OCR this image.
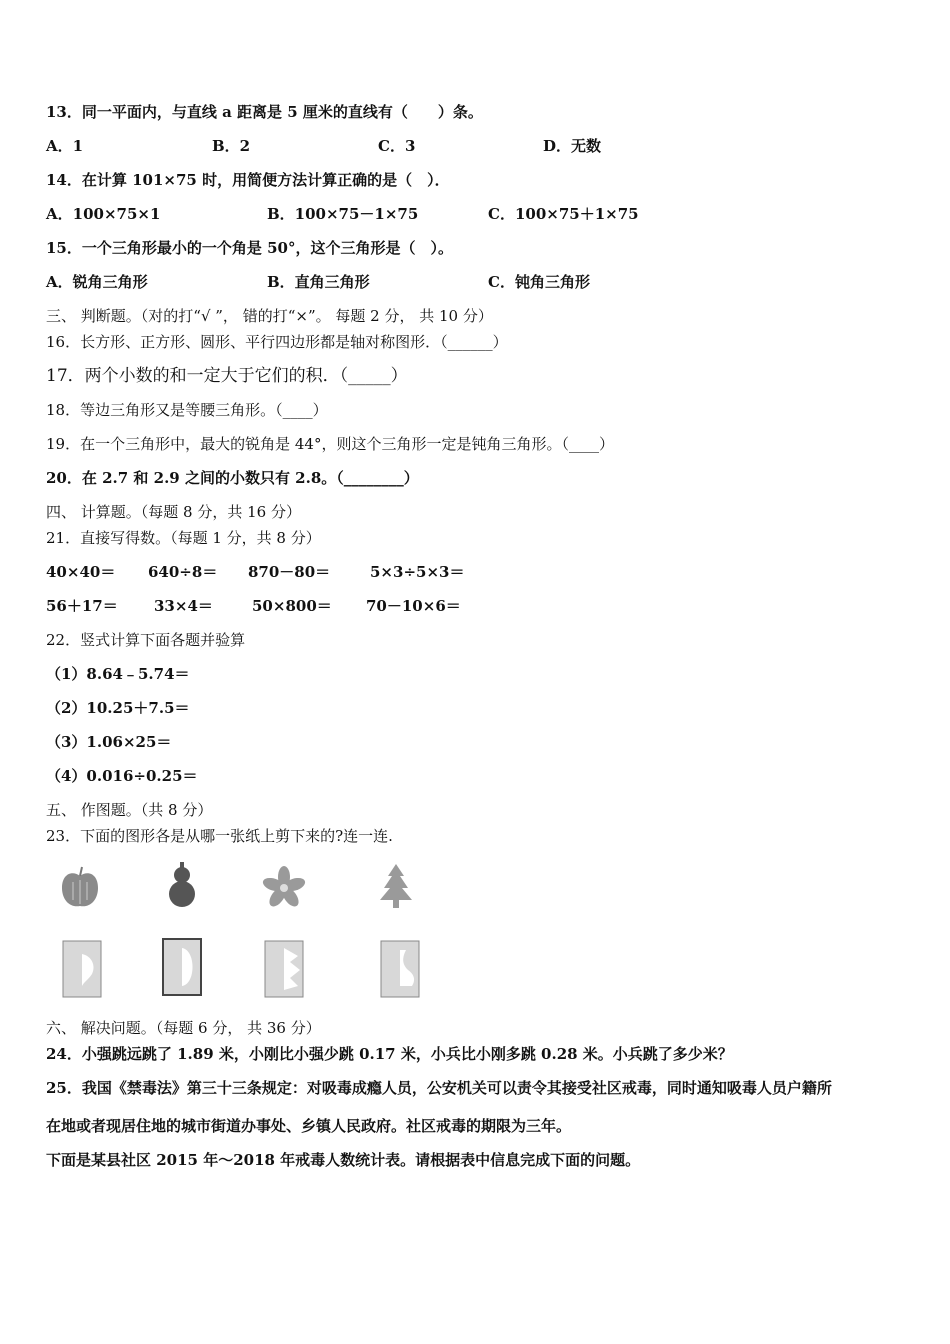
13．同一平面内，与直线 a 距离是 5 厘米的直线有（　　）条。
A．1	B．2	C．3	D．无数
14．在计算 101×75 时，用简便方法计算正确的是（　）．
A．100×75×1	B．100×75－1×75	C．100×75＋1×75
15．一个三角形最小的一个角是 50°，这个三角形是（　）。
A．锐角三角形	B．直角三角形	C．钝角三角形
三、 判断题。（对的打“√ ”， 错的打“×”。 每题 2 分， 共 10 分）
16．长方形、正方形、圆形、平行四边形都是轴对称图形．（______）
17．两个小数的和一定大于它们的积．（_____）
18．等边三角形又是等腰三角形。（____）
19．在一个三角形中，最大的锐角是 44°，则这个三角形一定是钝角三角形。（____）
20．在 2.7 和 2.9 之间的小数只有 2.8。（________）
四、 计算题。（每题 8 分，共 16 分）
21．直接写得数。（每题 1 分，共 8 分）
40×40＝ 640÷8＝ 870－80＝	5×3÷5×3＝
56＋17＝ 33×4＝	50×800＝ 70－10×6＝
22．竖式计算下面各题并验算
（1）8.64﹣5.74＝
（2）10.25＋7.5＝
（3）1.06×25＝
（4）0.016÷0.25＝
五、 作图题。（共 8 分）
23．下面的图形各是从哪一张纸上剪下来的?连一连.
六、 解决问题。（每题 6 分， 共 36 分）
24．小强跳远跳了 1.89 米，小刚比小强少跳 0.17 米，小兵比小刚多跳 0.28 米。小兵跳了多少米？
25．我国《禁毒法》第三十三条规定：对吸毒成瘾人员，公安机关可以责令其接受社区戒毒，同时通知吸毒人员户籍所
在地或者现居住地的城市街道办事处、乡镇人民政府。社区戒毒的期限为三年。
下面是某县社区 2015 年～2018 年戒毒人数统计表。请根据表中信息完成下面的问题。
